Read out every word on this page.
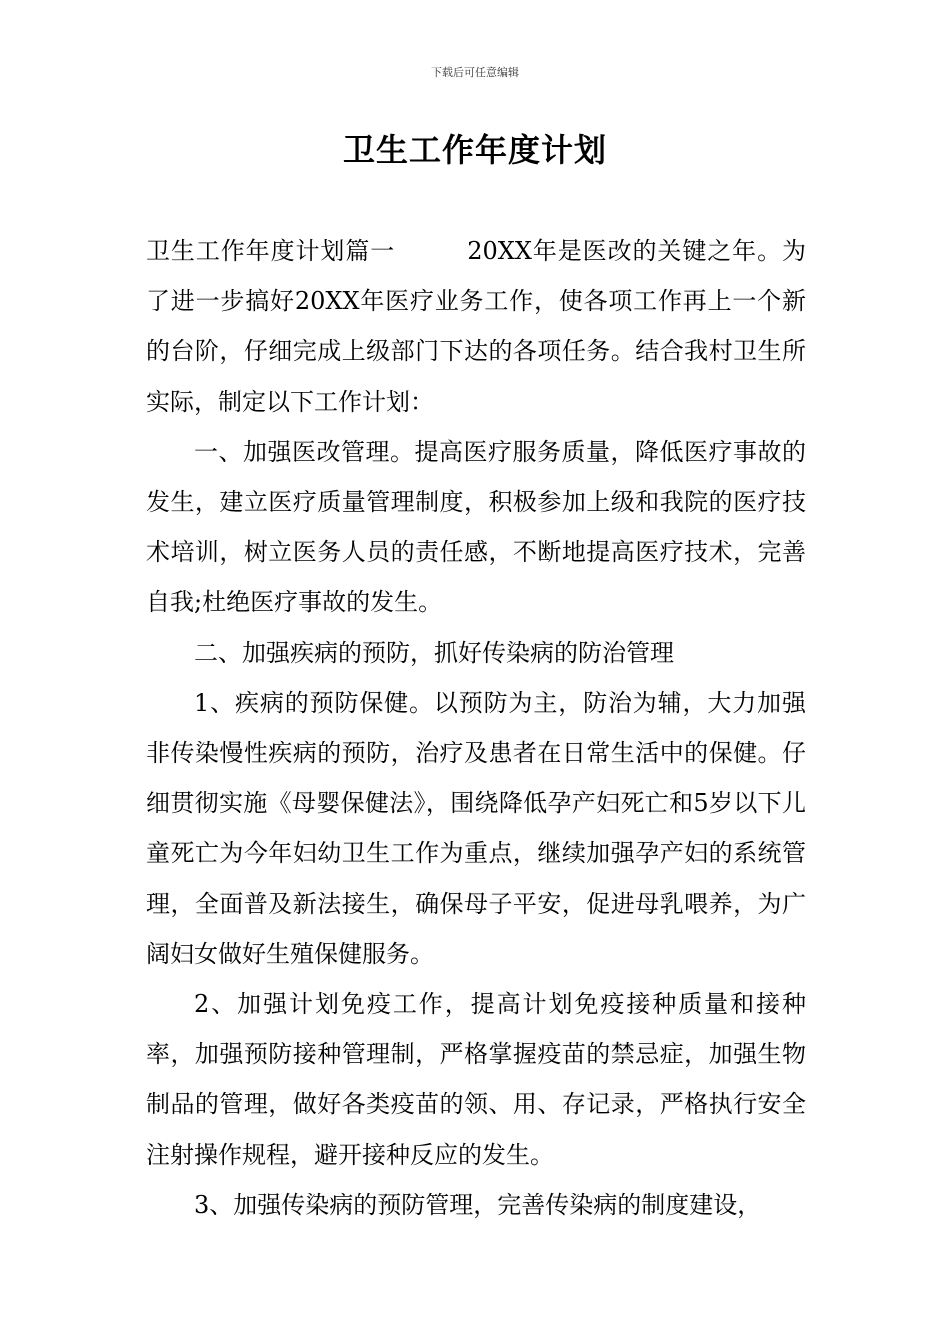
下载后可任意编辑
卫生工作年度计划

卫生工作年度计划篇一	20XX年是医改的关键之年。为了进一步搞好20XX年医疗业务工作，使各项工作再上一个新的台阶，仔细完成上级部门下达的各项任务。结合我村卫生所实际，制定以下工作计划：

一、加强医改管理。提高医疗服务质量，降低医疗事故的发生，建立医疗质量管理制度，积极参加上级和我院的医疗技术培训，树立医务人员的责任感，不断地提高医疗技术，完善自我;杜绝医疗事故的发生。

二、加强疾病的预防，抓好传染病的防治管理

1、疾病的预防保健。以预防为主，防治为辅，大力加强非传染慢性疾病的预防，治疗及患者在日常生活中的保健。仔细贯彻实施《母婴保健法》，围绕降低孕产妇死亡和5岁以下儿童死亡为今年妇幼卫生工作为重点，继续加强孕产妇的系统管理，全面普及新法接生，确保母子平安，促进母乳喂养，为广阔妇女做好生殖保健服务。

2、加强计划免疫工作，提高计划免疫接种质量和接种率，加强预防接种管理制，严格掌握疫苗的禁忌症，加强生物制品的管理，做好各类疫苗的领、用、存记录，严格执行安全注射操作规程，避开接种反应的发生。

3、加强传染病的预防管理，完善传染病的制度建设，
